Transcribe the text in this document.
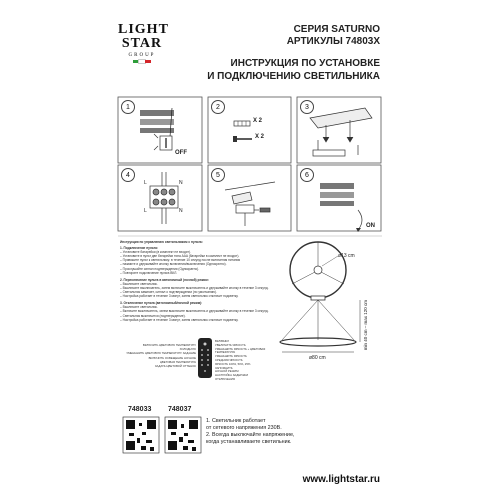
LIGHT
STAR
GROUP
СЕРИЯ SATURNO
АРТИКУЛЫ 74803X
ИНСТРУКЦИЯ ПО УСТАНОВКЕ
И ПОДКЛЮЧЕНИЮ СВЕТИЛЬНИКА
1	2	3
4	5	6
OFF
X 2
X 2
ON
L	N
L	N
Инструкция по управлению светильником с пульта:
1. Подключение пульта:
– Установите батарейки (в комплект не входят).
– Установите в пульт две батарейки типа AAA (батарейки в комплект не входят).
– Привяжите пульт к светильнику: в течение 10 секунд после включения питания
– нажмите и удерживайте кнопку включения/выключения (Однократно).
– Прослушайте сигнал подтверждения (Однократно).
– Повторите подключение пульта ВКЛ.
2. Переключение пульта в автономный (ночной) режим:
– Выключите светильник.
– Выключите выключатель, затем включите выключатель и удерживайте кнопку в течение 3 секунд.
– Светильник замигает, сигнал о подтверждении (по умолчанию).
– Настройка работает в течение 3 минут, затем светильник отключит подсветку.
3. Отключение пульта (автономный/ночной режим):
– Выключите светильник.
– Включите выключатель, затем выключите выключатель и удерживайте кнопку в течение 3 секунд.
– Светильник выключится (подтверждение).
– Настройка работает в течение 3 минут, затем светильник отключит подсветку.
ВКЛЮЧИТЬ ЦВЕТОВУЮ ТЕМПЕРАТУРУ ХОЛОДНУЮ
УМЕНЬШИТЬ ЦВЕТОВУЮ ТЕМПЕРАТУРУ ЗАДАНИЕ
ВКЛЮЧИТЬ ОСВЕЩЕНИЕ НОЧНОЕ
ЦВЕТОВАЯ ТЕМПЕРАТУРА
ЗАДАТЬ ЦВЕТОВОЙ ОТТЕНОК
ВКЛ/ВЫКЛ
УВЕЛИЧИТЬ ЯРКОСТЬ
УМЕНЬШИТЬ ЯРКОСТЬ + ЦВЕТОВАЯ ТЕМПЕРАТУРА
УМЕНЬШИТЬ ЯРКОСТЬ
СРЕДНЯЯ ЯРКОСТЬ
ЯРКОСТЬ 100%, 50%, 25%
ЗАПОМНИТЬ
НОЧНОЙ РЕЖИМ
НАСТРОЙКА ЗАДЕРЖКИ
ОТКЛЮЧЕНИЯ
ø13 cm
min 40 cm – max 120 cm
ø80 cm
748033 748037
1. Светильник работает
от сетевого напряжения 230В.
2. Всегда выключайте напряжение,
когда устанавливаете светильник.
www.lightstar.ru
